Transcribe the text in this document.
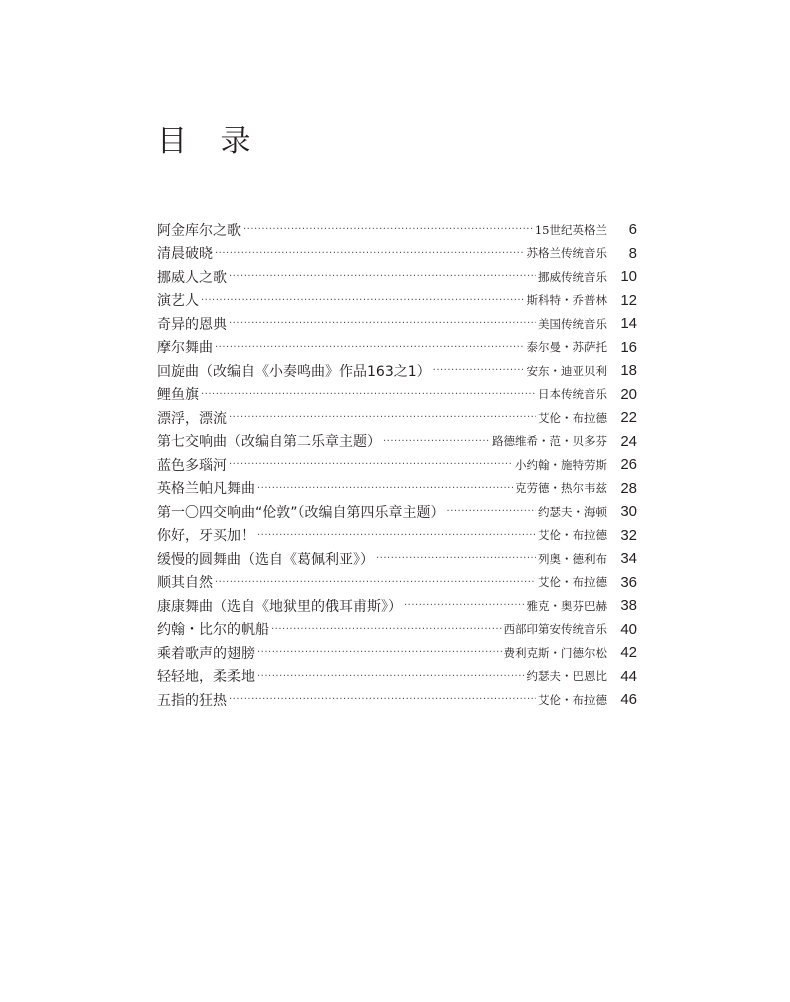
目 录
阿金库尔之歌 ·····	15世纪英格兰	6
清晨破晓 ·····	苏格兰传统音乐	8
挪威人之歌 ·····	挪威传统音乐 10
演艺人 ·····	斯科特・乔普林 12
奇异的恩典 ·····	美国传统音乐 14
摩尔舞曲 ·····	泰尔曼・苏萨托 16
回旋曲（改编自《小奏鸣曲》作品163之1） ·····	安东・迪亚贝利 18
鲤鱼旗 ·····	日本传统音乐 20
漂浮，漂流 ·····	艾伦・布拉德 22
第七交响曲（改编自第二乐章主题） ·····	路德维希・范・贝多芬 24
蓝色多瑙河 ·····	小约翰・施特劳斯 26
英格兰帕凡舞曲 ·····	克劳德・热尔韦兹 28
第一〇四交响曲“伦敦”（改编自第四乐章主题） ·····	约瑟夫・海顿 30
你好，牙买加！ ·····	艾伦・布拉德 32
缓慢的圆舞曲（选自《葛佩利亚》） ·····	列奥・德利布 34
顺其自然 ·····	艾伦・布拉德 36
康康舞曲（选自《地狱里的俄耳甫斯》） ·····	雅克・奥芬巴赫 38
约翰・比尔的帆船 ·····	西部印第安传统音乐 40
乘着歌声的翅膀 ·····	费利克斯・门德尔松 42
轻轻地，柔柔地 ·····	约瑟夫・巴恩比 44
五指的狂热 ·····	艾伦・布拉德 46
